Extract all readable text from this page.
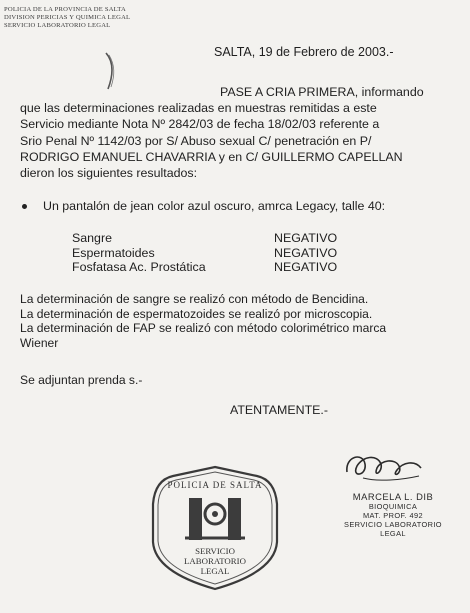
POLICIA DE LA PROVINCIA DE SALTA
DIVISION PERICIAS Y QUIMICA LEGAL
SERVICIO LABORATORIO LEGAL
SALTA, 19 de Febrero de 2003.-
PASE A CRIA PRIMERA, informando
que las determinaciones realizadas en muestras remitidas a este
Servicio mediante Nota Nº 2842/03 de fecha 18/02/03 referente a
Srio Penal Nº 1142/03 por S/ Abuso sexual C/ penetración en P/
RODRIGO EMANUEL CHAVARRIA y en C/ GUILLERMO CAPELLAN
dieron los siguientes resultados:
Un pantalón de jean color azul oscuro, amrca Legacy, talle 40:
Sangre	NEGATIVO
Espermatoides	NEGATIVO
Fosfatasa Ac. Prostática	NEGATIVO
La determinación de sangre se realizó con método de Bencidina.
La determinación de espermatozoides se realizó por microscopia.
La determinación de FAP se realizó con método colorimétrico marca
Wiener
Se adjuntan prenda s.-
ATENTAMENTE.-
POLICIA DE SALTA
SERVICIO
LABORATORIO
LEGAL
MARCELA L. DIB
BIOQUIMICA
MAT. PROF. 492
SERVICIO LABORATORIO LEGAL
